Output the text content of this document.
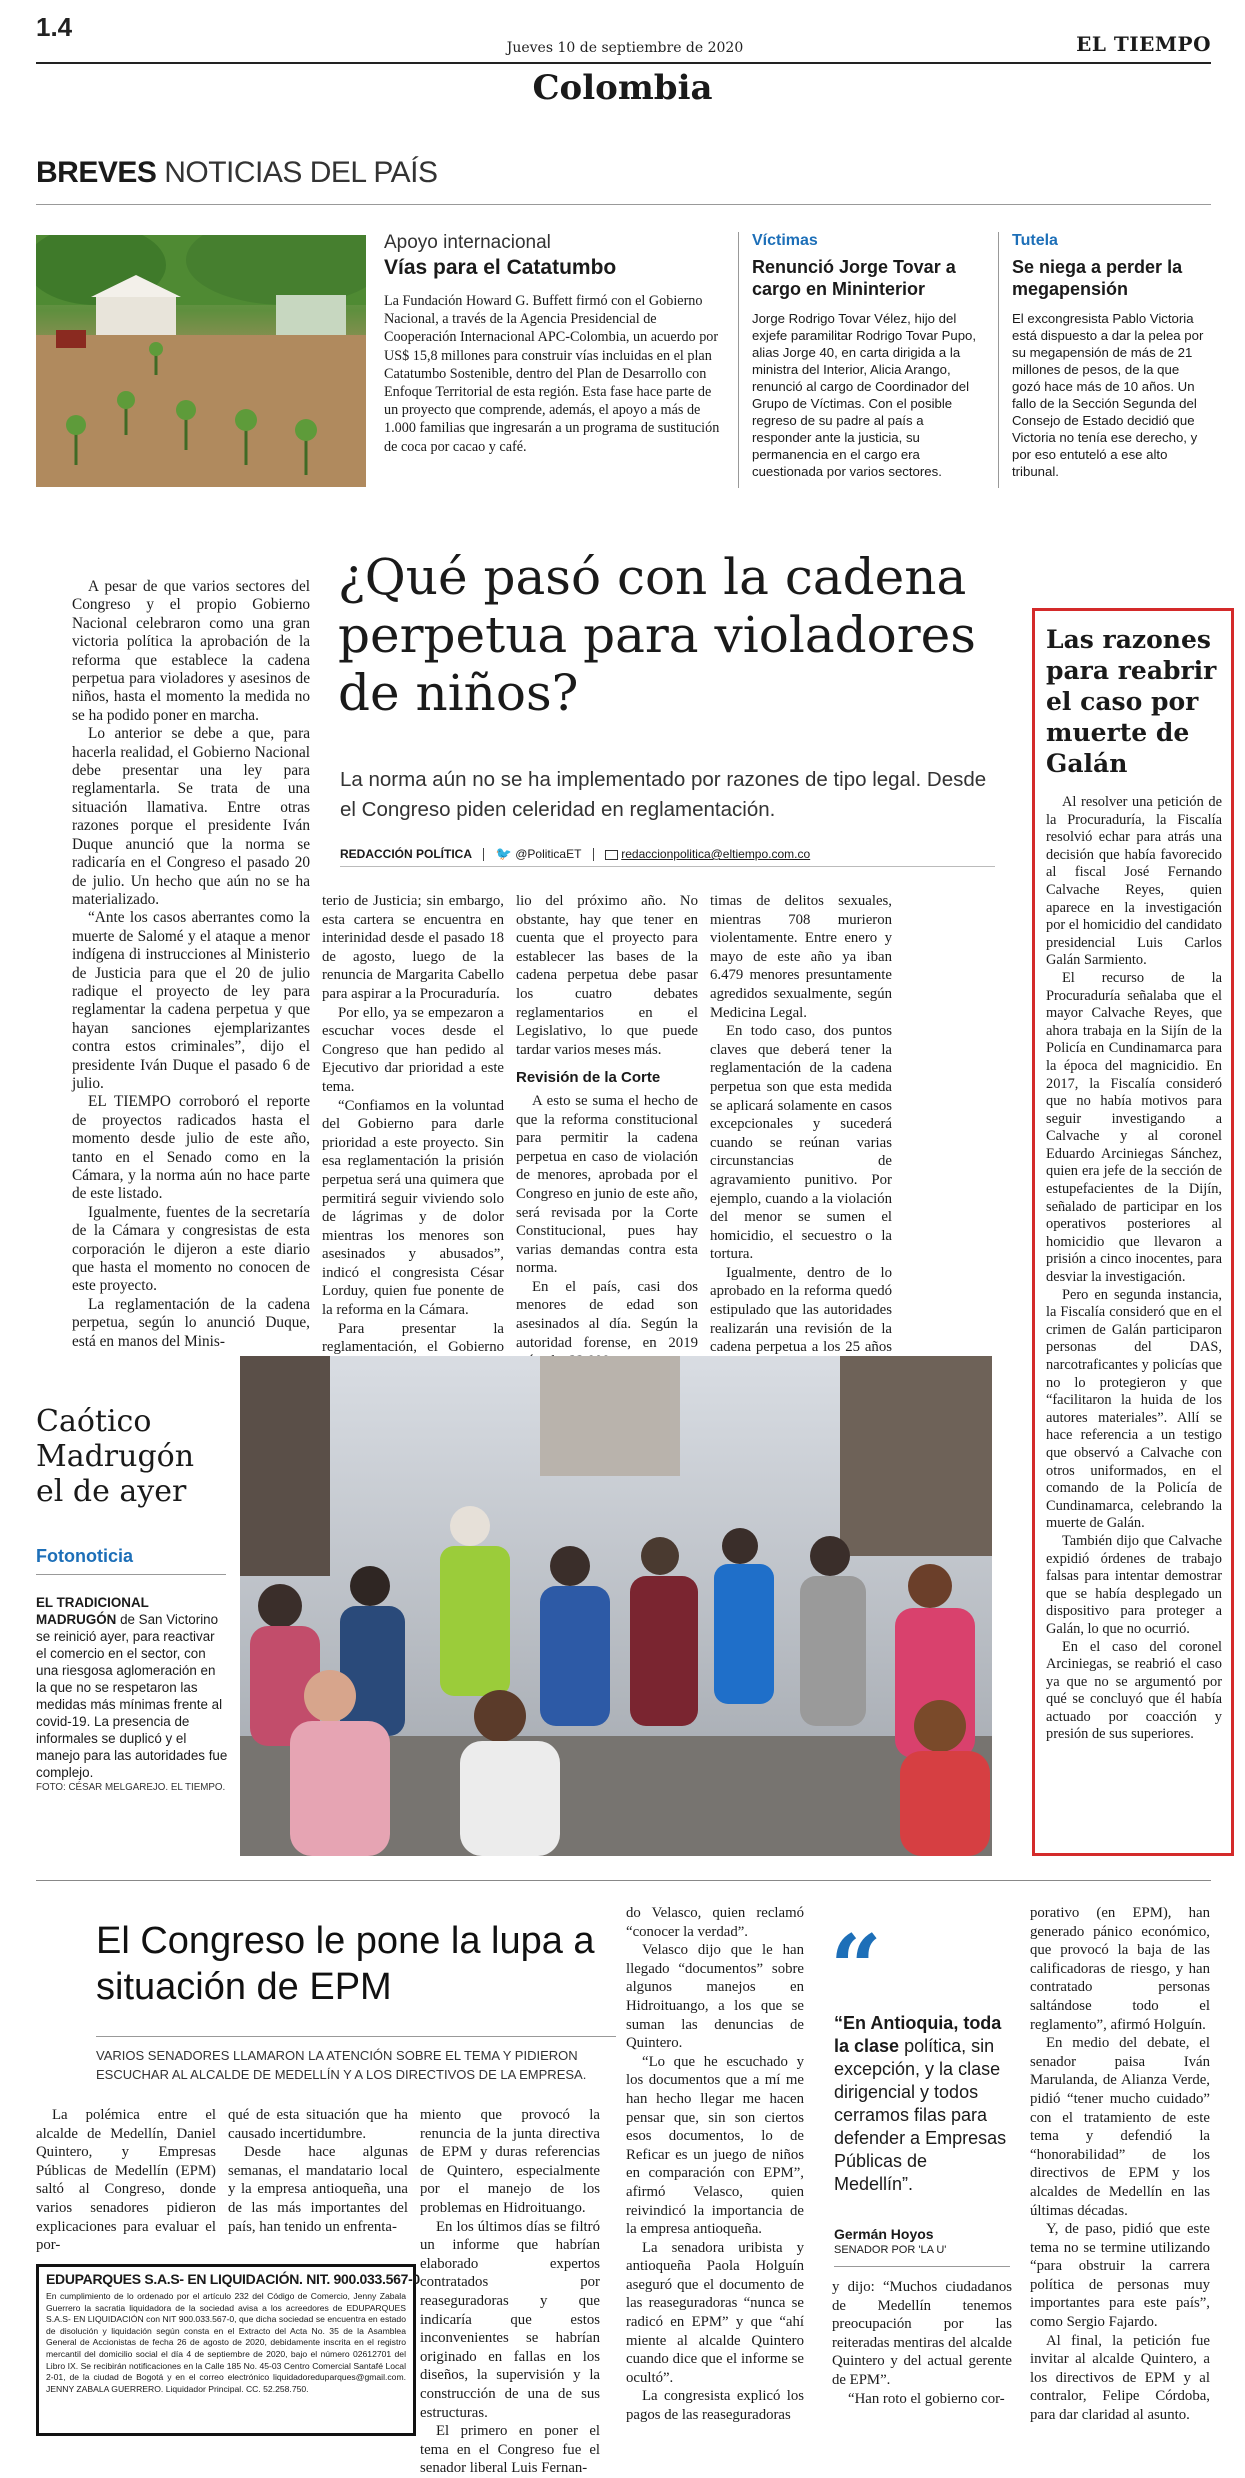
1.4
Jueves 10 de septiembre de 2020	EL TIEMPO
Colombia
BREVES NOTICIAS DEL PAÍS
Apoyo internacional
Vías para el Catatumbo
La Fundación Howard G. Buffett firmó con el Gobierno Nacional, a través de la Agencia Presidencial de Cooperación Internacional APC-Colombia, un acuerdo por US$ 15,8 millones para construir vías incluidas en el plan Catatumbo Sostenible, dentro del Plan de Desarrollo con Enfoque Territorial de esta región. Esta fase hace parte de un proyecto que comprende, además, el apoyo a más de 1.000 familias que ingresarán a un programa de sustitución de coca por cacao y café.
Víctimas
Renunció Jorge Tovar a cargo en Mininterior
Jorge Rodrigo Tovar Vélez, hijo del exjefe paramilitar Rodrigo Tovar Pupo, alias Jorge 40, en carta dirigida a la ministra del Interior, Alicia Arango, renunció al cargo de Coordinador del Grupo de Víctimas. Con el posible regreso de su padre al país a responder ante la justicia, su permanencia en el cargo era cuestionada por varios sectores.
Tutela
Se niega a perder la megapensión
El excongresista Pablo Victoria está dispuesto a dar la pelea por su megapensión de más de 21 millones de pesos, de la que gozó hace más de 10 años. Un fallo de la Sección Segunda del Consejo de Estado decidió que Victoria no tenía ese derecho, y por eso entuteló a ese alto tribunal.

A pesar de que varios sectores del Congreso y el propio Gobierno Nacional celebraron como una gran victoria política la aprobación de la reforma que establece la cadena perpetua para violadores y asesinos de niños, hasta el momento la medida no se ha podido poner en marcha.

Lo anterior se debe a que, para hacerla realidad, el Gobierno Nacional debe presentar una ley para reglamentarla. Se trata de una situación llamativa. Entre otras razones porque el presidente Iván Duque anunció que la norma se radicaría en el Congreso el pasado 20 de julio. Un hecho que aún no se ha materializado.

“Ante los casos aberrantes como la muerte de Salomé y el ataque a menor indígena di instrucciones al Ministerio de Justicia para que el 20 de julio radique el proyecto de ley para reglamentar la cadena perpetua y que hayan sanciones ejemplarizantes contra estos criminales”, dijo el presidente Iván Duque el pasado 6 de julio.

EL TIEMPO corroboró el reporte de proyectos radicados hasta el momento desde julio de este año, tanto en el Senado como en la Cámara, y la norma aún no hace parte de este listado.

Igualmente, fuentes de la secretaría de la Cámara y congresistas de esta corporación le dijeron a este diario que hasta el momento no conocen de este proyecto.

La reglamentación de la cadena perpetua, según lo anunció Duque, está en manos del Minis-

¿Qué pasó con la cadena perpetua para violadores de niños?
La norma aún no se ha implementado por razones de tipo legal. Desde el Congreso piden celeridad en reglamentación.
REDACCIÓN POLÍTICA 🐦 @PoliticaET	redaccionpolitica@eltiempo.com.co

terio de Justicia; sin embargo, esta cartera se encuentra en interinidad desde el pasado 18 de agosto, luego de la renuncia de Margarita Cabello para aspirar a la Procuraduría.

Por ello, ya se empezaron a escuchar voces desde el Congreso que han pedido al Ejecutivo dar prioridad a este tema.

“Confiamos en la voluntad del Gobierno para darle prioridad a este proyecto. Sin esa reglamentación la prisión perpetua será una quimera que permitirá seguir viviendo solo de lágrimas y de dolor mientras los menores son asesinados y abusados”, indicó el congresista César Lorduy, quien fue ponente de la reforma en la Cámara.

Para presentar la reglamentación, el Gobierno

lio del próximo año. No obstante, hay que tener en cuenta que el proyecto para establecer las bases de la cadena perpetua debe pasar los cuatro debates reglamentarios en el Legislativo, lo que puede tardar varios meses más.

Revisión de la Corte

A esto se suma el hecho de que la reforma constitucional para permitir la cadena perpetua en caso de violación de menores, aprobada por el Congreso en junio de este año, será revisada por la Corte Constitucional, pues hay varias demandas contra esta norma.

En el país, casi dos menores de edad son asesinados al día. Según la autoridad forense, en 2019

timas de delitos sexuales, mientras 708 murieron violentamente. Entre enero y mayo de este año ya iban 6.479 menores presuntamente agredidos sexualmente, según Medicina Legal.

En todo caso, dos puntos claves que deberá tener la reglamentación de la cadena perpetua son que esta medida se aplicará solamente en casos excepcionales y sucederá cuando se reúnan varias circunstancias de agravamiento punitivo. Por ejemplo, cuando a la violación del menor se sumen el homicidio, el secuestro o la tortura.

Igualmente, dentro de lo aprobado en la reforma quedó estipulado que las autoridades realizarán una revisión de la cadena perpetua a los 25 años

Las razones para reabrir el caso por muerte de Galán

Al resolver una petición de la Procuraduría, la Fiscalía resolvió echar para atrás una decisión que había favorecido al fiscal José Fernando Calvache Reyes, quien aparece en la investigación por el homicidio del candidato presidencial Luis Carlos Galán Sarmiento.

El recurso de la Procuraduría señalaba que el mayor Calvache Reyes, que ahora trabaja en la Sijín de la Policía en Cundinamarca para la época del magnicidio. En 2017, la Fiscalía consideró que no había motivos para seguir investigando a Calvache y al coronel Eduardo Arciniegas Sánchez, quien era jefe de la sección de estupefacientes de la Dijín, señalado de participar en los operativos posteriores al homicidio que llevaron a prisión a cinco inocentes, para desviar la investigación.

Pero en segunda instancia, la Fiscalía consideró que en el crimen de Galán participaron personas del DAS, narcotraficantes y policías que no lo protegieron y que “facilitaron la huida de los autores materiales”. Allí se hace referencia a un testigo que observó a Calvache con otros uniformados, en el comando de la Policía de Cundinamarca, celebrando la muerte de Galán.

También dijo que Calvache expidió órdenes de trabajo falsas para intentar demostrar que se había desplegado un dispositivo para proteger a Galán, lo que no ocurrió.

En el caso del coronel Arciniegas, se reabrió el caso ya que no se argumentó por qué se concluyó que él había actuado por coacción y presión de sus superiores.

Caótico Madrugón el de ayer
Fotonoticia
EL TRADICIONAL MADRUGÓN de San Victorino se reinició ayer, para reactivar el comercio en el sector, con una riesgosa aglomeración en la que no se respetaron las medidas más mínimas frente al covid-19. La presencia de informales se duplicó y el manejo para las autoridades fue complejo.
FOTO: CÉSAR MELGAREJO. EL TIEMPO.
El Congreso le pone la lupa a situación de EPM
VARIOS SENADORES LLAMARON LA ATENCIÓN SOBRE EL TEMA Y PIDIERON ESCUCHAR AL ALCALDE DE MEDELLÍN Y A LOS DIRECTIVOS DE LA EMPRESA.

La polémica entre el alcalde de Medellín, Daniel Quintero, y Empresas Públicas de Medellín (EPM) saltó al Congreso, donde varios senadores pidieron explicaciones para evaluar el por-

qué de esta situación que ha causado incertidumbre.

Desde hace algunas semanas, el mandatario local y la empresa antioqueña, una de las más importantes del país, han tenido un enfrenta-

miento que provocó la renuncia de la junta directiva de EPM y duras referencias de Quintero, especialmente por el manejo de los problemas en Hidroituango.

En los últimos días se filtró un informe que habrían elaborado expertos contratados por reaseguradoras y que indicaría que estos inconvenientes se habrían originado en fallas en los diseños, la supervisión y la construcción de una de sus estructuras.

El primero en poner el tema en el Congreso fue el senador liberal Luis Fernan-

do Velasco, quien reclamó “conocer la verdad”.

Velasco dijo que le han llegado “documentos” sobre algunos manejos en Hidroituango, a los que se suman las denuncias de Quintero.

“Lo que he escuchado y los documentos que a mí me han hecho llegar me hacen pensar que, sin son ciertos esos documentos, lo de Reficar es un juego de niños en comparación con EPM”, afirmó Velasco, quien reivindicó la importancia de la empresa antioqueña.

La senadora uribista y antioqueña Paola Holguín aseguró que el documento de las reaseguradoras “nunca se radicó en EPM” y que “ahí miente al alcalde Quintero cuando dice que el informe se ocultó”.

La congresista explicó los pagos de las reaseguradoras

“
“En Antioquia, toda la clase política, sin excepción, y la clase dirigencial y todos cerramos filas para defender a Empresas Públicas de Medellín”.
Germán Hoyos
SENADOR POR 'LA U'

y dijo: “Muchos ciudadanos de Medellín tenemos preocupación por las reiteradas mentiras del alcalde Quintero y del actual gerente de EPM”.

“Han roto el gobierno cor-

porativo (en EPM), han generado pánico económico, que provocó la baja de las calificadoras de riesgo, y han contratado personas saltándose todo el reglamento”, afirmó Holguín.

En medio del debate, el senador paisa Iván Marulanda, de Alianza Verde, pidió “tener mucho cuidado” con el tratamiento de este tema y defendió la “honorabilidad” de los directivos de EPM y los alcaldes de Medellín en las últimas décadas.

Y, de paso, pidió que este tema no se termine utilizando “para obstruir la carrera política de personas muy importantes para este país”, como Sergio Fajardo.

Al final, la petición fue invitar al alcalde Quintero, a los directivos de EPM y al contralor, Felipe Córdoba, para dar claridad al asunto.

EDUPARQUES S.A.S- EN LIQUIDACIÓN. NIT. 900.033.567-0
En cumplimiento de lo ordenado por el artículo 232 del Código de Comercio, Jenny Zabala Guerrero la sacratia liquidadora de la sociedad avisa a los acreedores de EDUPARQUES S.A.S- EN LIQUIDACIÓN con NIT 900.033.567-0, que dicha sociedad se encuentra en estado de disolución y liquidación según consta en el Extracto del Acta No. 35 de la Asamblea General de Accionistas de fecha 26 de agosto de 2020, debidamente inscrita en el registro mercantil del domicilio social el día 4 de septiembre de 2020, bajo el número 02612701 del Libro IX. Se recibirán notificaciones en la Calle 185 No. 45-03 Centro Comercial Santafé Local 2-01, de la ciudad de Bogotá y en el correo electrónico liquidadoreduparques@gmail.com. JENNY ZABALA GUERRERO. Liquidador Principal. CC. 52.258.750.
